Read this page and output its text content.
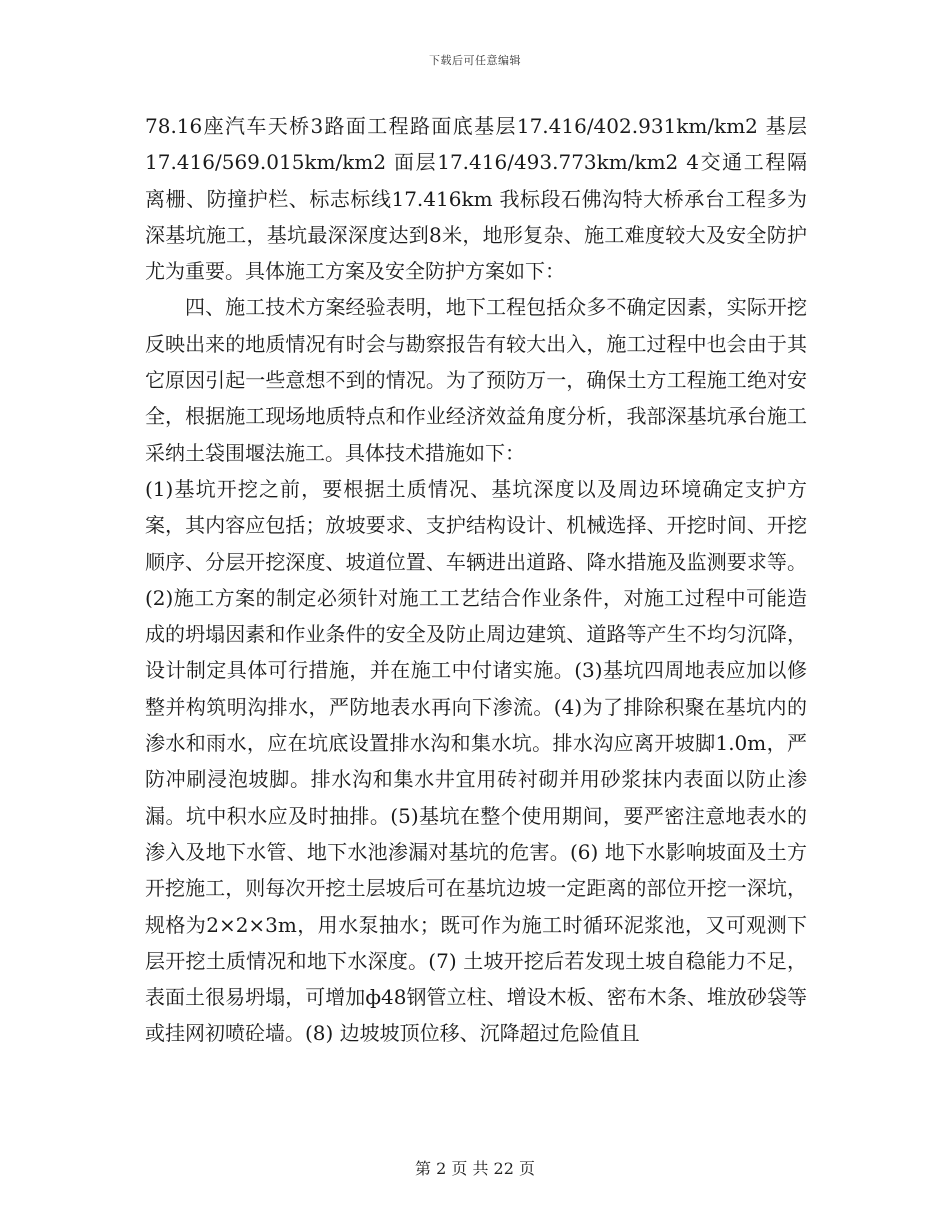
下载后可任意编辑

78.16座汽车天桥3路面工程路面底基层17.416/402.931km/km2 基层17.416/569.015km/km2 面层17.416/493.773km/km2 4交通工程隔离栅、防撞护栏、标志标线17.416km 我标段石佛沟特大桥承台工程多为深基坑施工，基坑最深深度达到8米，地形复杂、施工难度较大及安全防护尤为重要。具体施工方案及安全防护方案如下：

四、施工技术方案经验表明，地下工程包括众多不确定因素，实际开挖反映出来的地质情况有时会与勘察报告有较大出入，施工过程中也会由于其它原因引起一些意想不到的情况。为了预防万一，确保土方工程施工绝对安全，根据施工现场地质特点和作业经济效益角度分析，我部深基坑承台施工采纳土袋围堰法施工。具体技术措施如下：

(1)基坑开挖之前，要根据土质情况、基坑深度以及周边环境确定支护方案，其内容应包括；放坡要求、支护结构设计、机械选择、开挖时间、开挖顺序、分层开挖深度、坡道位置、车辆进出道路、降水措施及监测要求等。(2)施工方案的制定必须针对施工工艺结合作业条件，对施工过程中可能造成的坍塌因素和作业条件的安全及防止周边建筑、道路等产生不均匀沉降，设计制定具体可行措施，并在施工中付诸实施。(3)基坑四周地表应加以修整并构筑明沟排水，严防地表水再向下渗流。(4)为了排除积聚在基坑内的渗水和雨水，应在坑底设置排水沟和集水坑。排水沟应离开坡脚1.0m，严防冲刷浸泡坡脚。排水沟和集水井宜用砖衬砌并用砂浆抹内表面以防止渗漏。坑中积水应及时抽排。(5)基坑在整个使用期间，要严密注意地表水的渗入及地下水管、地下水池渗漏对基坑的危害。(6) 地下水影响坡面及土方开挖施工，则每次开挖土层坡后可在基坑边坡一定距离的部位开挖一深坑，规格为2×2×3m，用水泵抽水；既可作为施工时循环泥浆池，又可观测下层开挖土质情况和地下水深度。(7) 土坡开挖后若发现土坡自稳能力不足，表面土很易坍塌，可增加ф48钢管立柱、增设木板、密布木条、堆放砂袋等或挂网初喷砼墙。(8) 边坡坡顶位移、沉降超过危险值且

第 2 页 共 22 页
